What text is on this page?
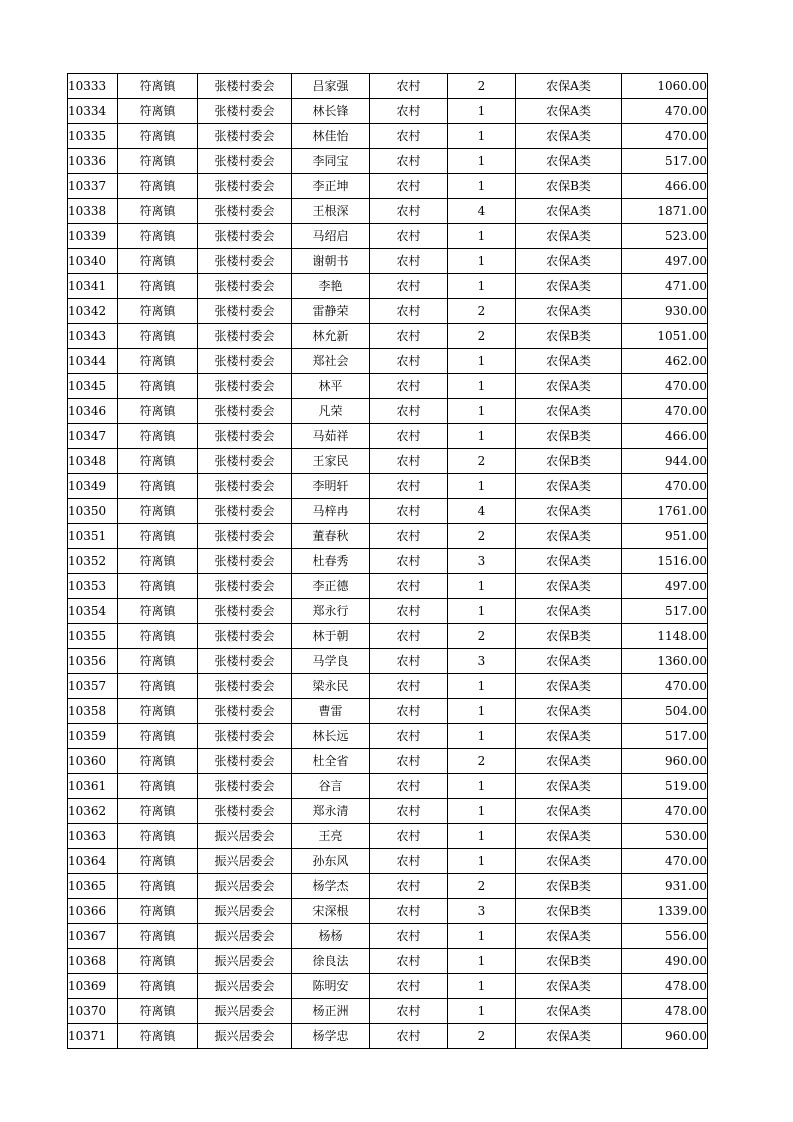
10333	符离镇	张楼村委会	吕家强	农村	2	农保A类	1060.00
10334	符离镇	张楼村委会	林长锋	农村	1	农保A类	470.00
10335	符离镇	张楼村委会	林佳怡	农村	1	农保A类	470.00
10336	符离镇	张楼村委会	李同宝	农村	1	农保A类	517.00
10337	符离镇	张楼村委会	李正坤	农村	1	农保B类	466.00
10338	符离镇	张楼村委会	王根深	农村	4	农保A类	1871.00
10339	符离镇	张楼村委会	马绍启	农村	1	农保A类	523.00
10340	符离镇	张楼村委会	谢朝书	农村	1	农保A类	497.00
10341	符离镇	张楼村委会	李艳	农村	1	农保A类	471.00
10342	符离镇	张楼村委会	雷静荣	农村	2	农保A类	930.00
10343	符离镇	张楼村委会	林允新	农村	2	农保B类	1051.00
10344	符离镇	张楼村委会	郑社会	农村	1	农保A类	462.00
10345	符离镇	张楼村委会	林平	农村	1	农保A类	470.00
10346	符离镇	张楼村委会	凡荣	农村	1	农保A类	470.00
10347	符离镇	张楼村委会	马茹祥	农村	1	农保B类	466.00
10348	符离镇	张楼村委会	王家民	农村	2	农保B类	944.00
10349	符离镇	张楼村委会	李明轩	农村	1	农保A类	470.00
10350	符离镇	张楼村委会	马梓冉	农村	4	农保A类	1761.00
10351	符离镇	张楼村委会	董春秋	农村	2	农保A类	951.00
10352	符离镇	张楼村委会	杜春秀	农村	3	农保A类	1516.00
10353	符离镇	张楼村委会	李正德	农村	1	农保A类	497.00
10354	符离镇	张楼村委会	郑永行	农村	1	农保A类	517.00
10355	符离镇	张楼村委会	林于朝	农村	2	农保B类	1148.00
10356	符离镇	张楼村委会	马学良	农村	3	农保A类	1360.00
10357	符离镇	张楼村委会	梁永民	农村	1	农保A类	470.00
10358	符离镇	张楼村委会	曹雷	农村	1	农保A类	504.00
10359	符离镇	张楼村委会	林长远	农村	1	农保A类	517.00
10360	符离镇	张楼村委会	杜全省	农村	2	农保A类	960.00
10361	符离镇	张楼村委会	谷言	农村	1	农保A类	519.00
10362	符离镇	张楼村委会	郑永清	农村	1	农保A类	470.00
10363	符离镇	振兴居委会	王亮	农村	1	农保A类	530.00
10364	符离镇	振兴居委会	孙东风	农村	1	农保A类	470.00
10365	符离镇	振兴居委会	杨学杰	农村	2	农保B类	931.00
10366	符离镇	振兴居委会	宋深根	农村	3	农保B类	1339.00
10367	符离镇	振兴居委会	杨杨	农村	1	农保A类	556.00
10368	符离镇	振兴居委会	徐良法	农村	1	农保B类	490.00
10369	符离镇	振兴居委会	陈明安	农村	1	农保A类	478.00
10370	符离镇	振兴居委会	杨正洲	农村	1	农保A类	478.00
10371	符离镇	振兴居委会	杨学忠	农村	2	农保A类	960.00
